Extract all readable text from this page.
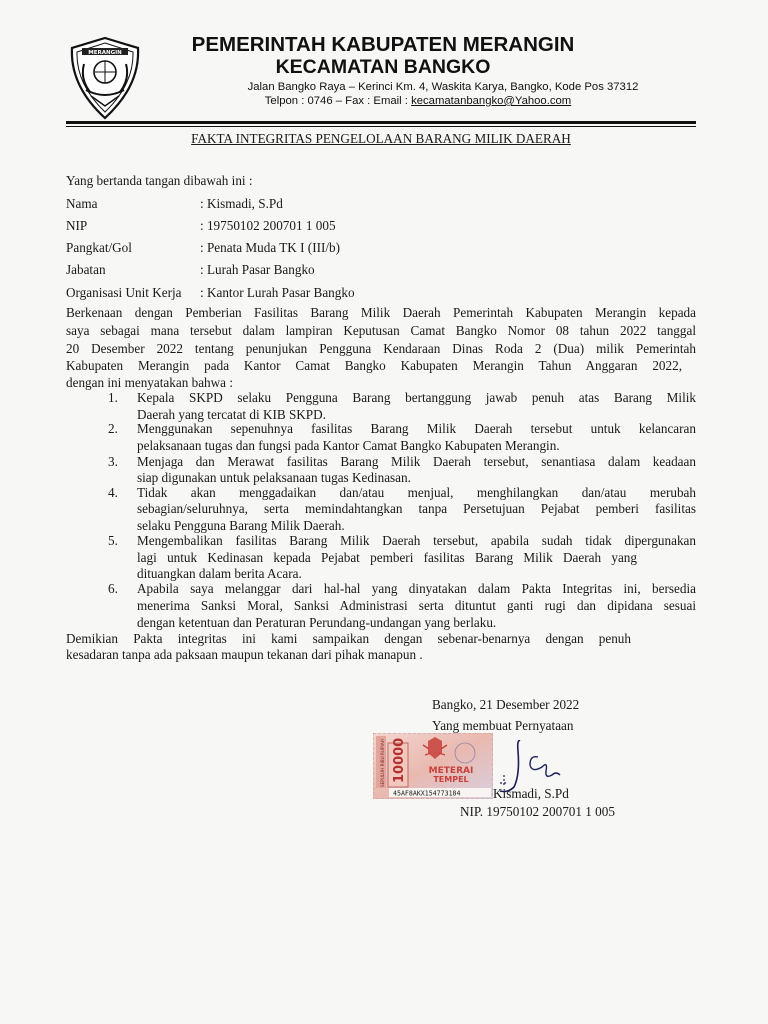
MERANGIN	PEMERINTAH KABUPATEN MERANGIN
KECAMATAN BANGKO
Jalan Bangko Raya – Kerinci Km. 4, Waskita Karya, Bangko, Kode Pos 37312
Telpon : 0746 – Fax : Email : kecamatanbangko@Yahoo.com
FAKTA INTEGRITAS PENGELOLAAN BARANG MILIK DAERAH
Yang bertanda tangan dibawah ini :
Nama	: Kismadi, S.Pd
NIP	: 19750102 200701 1 005
Pangkat/Gol	: Penata Muda TK I (III/b)
Jabatan	: Lurah Pasar Bangko
Organisasi Unit Kerja : Kantor Lurah Pasar Bangko
Berkenaan dengan Pemberian Fasilitas Barang Milik Daerah Pemerintah Kabupaten Merangin kepada
saya sebagai mana tersebut dalam lampiran Keputusan Camat Bangko Nomor 08 tahun 2022 tanggal
20 Desember 2022 tentang penunjukan Pengguna Kendaraan Dinas Roda 2 (Dua) milik Pemerintah
Kabupaten Merangin pada Kantor Camat Bangko Kabupaten Merangin Tahun Anggaran 2022,
dengan ini menyatakan bahwa :
1. Kepala SKPD selaku Pengguna Barang bertanggung jawab penuh atas Barang Milik
Daerah yang tercatat di KIB SKPD.
2. Menggunakan sepenuhnya fasilitas Barang Milik Daerah tersebut untuk kelancaran
pelaksanaan tugas dan fungsi pada Kantor Camat Bangko Kabupaten Merangin.
3. Menjaga dan Merawat fasilitas Barang Milik Daerah tersebut, senantiasa dalam keadaan
siap digunakan untuk pelaksanaan tugas Kedinasan.
4. Tidak akan menggadaikan dan/atau menjual, menghilangkan dan/atau merubah
sebagian/seluruhnya, serta memindahtangkan tanpa Persetujuan Pejabat pemberi fasilitas
selaku Pengguna Barang Milik Daerah.
5. Mengembalikan fasilitas Barang Milik Daerah tersebut, apabila sudah tidak dipergunakan
lagi untuk Kedinasan kepada Pejabat pemberi fasilitas Barang Milik Daerah yang
dituangkan dalam berita Acara.
6. Apabila saya melanggar dari hal-hal yang dinyatakan dalam Pakta Integritas ini, bersedia
menerima Sanksi Moral, Sanksi Administrasi serta dituntut ganti rugi dan dipidana sesuai
dengan ketentuan dan Peraturan Perundang-undangan yang berlaku.
Demikian Pakta integritas ini kami sampaikan dengan sebenar-benarnya dengan penuh
kesadaran tanpa ada paksaan maupun tekanan dari pihak manapun .
Bangko, 21 Desember 2022
Yang membuat Pernyataan
SEPULUH RIBU RUPIAH 10000 METERAI
TEMPEL
45AF8AKX154773184 Kismadi, S.Pd
NIP. 19750102 200701 1 005
